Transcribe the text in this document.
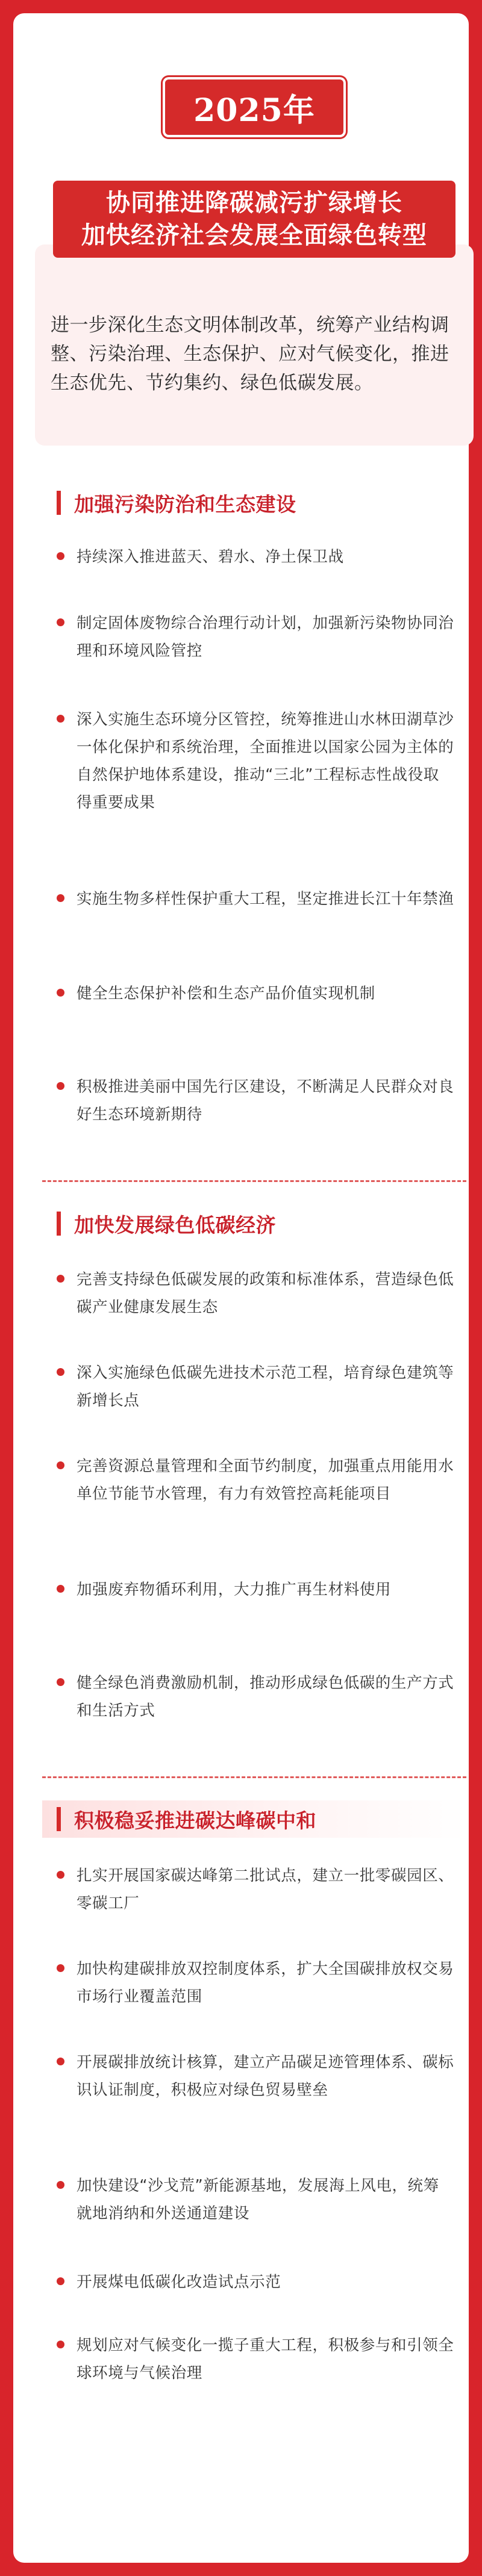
2025年

进一步深化生态文明体制改革，统筹产业结构调整、污染治理、生态保护、应对气候变化，推进生态优先、节约集约、绿色低碳发展。

协同推进降碳减污扩绿增长
加快经济社会发展全面绿色转型
加强污染防治和生态建设

持续深入推进蓝天、碧水、净土保卫战

制定固体废物综合治理行动计划，加强新污染物协同治理和环境风险管控

深入实施生态环境分区管控，统筹推进山水林田湖草沙一体化保护和系统治理，全面推进以国家公园为主体的自然保护地体系建设，推动“三北”工程标志性战役取得重要成果

实施生物多样性保护重大工程，坚定推进长江十年禁渔

健全生态保护补偿和生态产品价值实现机制

积极推进美丽中国先行区建设，不断满足人民群众对良好生态环境新期待

加快发展绿色低碳经济

完善支持绿色低碳发展的政策和标准体系，营造绿色低碳产业健康发展生态

深入实施绿色低碳先进技术示范工程，培育绿色建筑等新增长点

完善资源总量管理和全面节约制度，加强重点用能用水单位节能节水管理，有力有效管控高耗能项目

加强废弃物循环利用，大力推广再生材料使用

健全绿色消费激励机制，推动形成绿色低碳的生产方式和生活方式

积极稳妥推进碳达峰碳中和

扎实开展国家碳达峰第二批试点，建立一批零碳园区、零碳工厂

加快构建碳排放双控制度体系，扩大全国碳排放权交易市场行业覆盖范围

开展碳排放统计核算，建立产品碳足迹管理体系、碳标识认证制度，积极应对绿色贸易壁垒

加快建设“沙戈荒”新能源基地，发展海上风电，统筹就地消纳和外送通道建设

开展煤电低碳化改造试点示范

规划应对气候变化一揽子重大工程，积极参与和引领全球环境与气候治理
